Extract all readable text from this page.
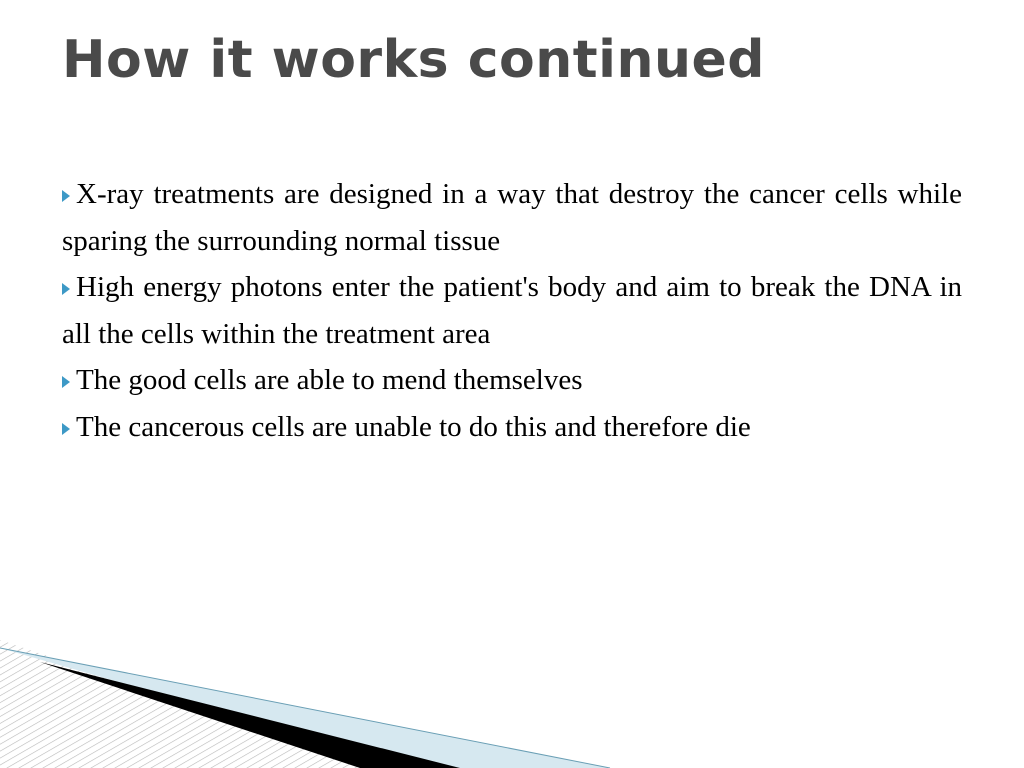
How it works continued
X-ray treatments are designed in a way that destroy the cancer cells while sparing the surrounding normal tissue
High energy photons enter the patient's body and aim to break the DNA in all the cells within the treatment area
The good cells are able to mend themselves
The cancerous cells are unable to do this and therefore die
